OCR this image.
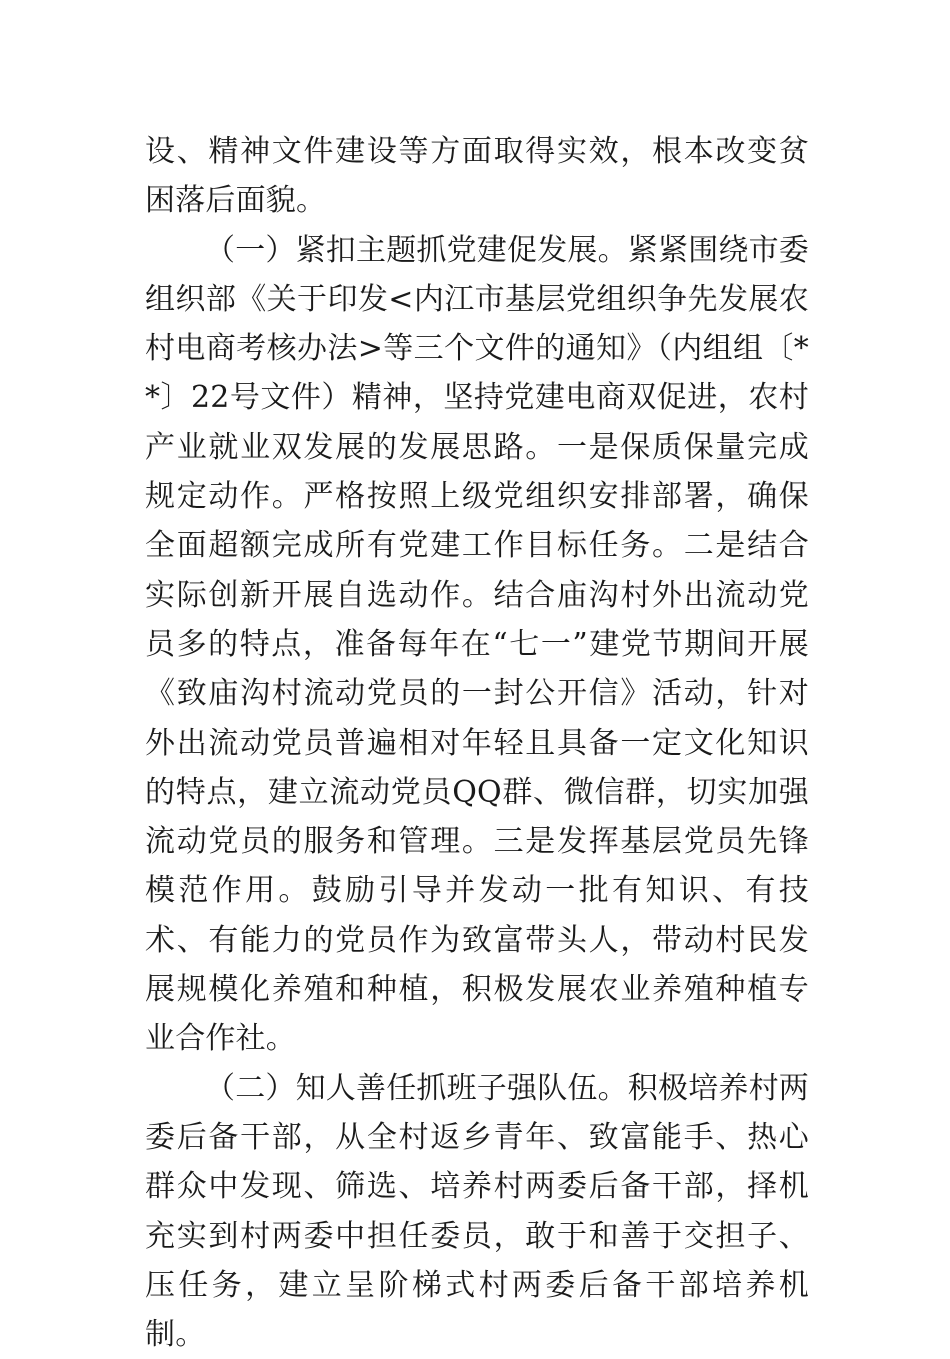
设、精神文件建设等方面取得实效，根本改变贫困落后面貌。

（一）紧扣主题抓党建促发展。紧紧围绕市委组织部《关于印发<内江市基层党组织争先发展农村电商考核办法>等三个文件的通知》（内组组〔**〕22号文件）精神，坚持党建电商双促进，农村产业就业双发展的发展思路。一是保质保量完成规定动作。严格按照上级党组织安排部署，确保全面超额完成所有党建工作目标任务。二是结合实际创新开展自选动作。结合庙沟村外出流动党员多的特点，准备每年在“七一”建党节期间开展《致庙沟村流动党员的一封公开信》活动，针对外出流动党员普遍相对年轻且具备一定文化知识的特点，建立流动党员QQ群、微信群，切实加强流动党员的服务和管理。三是发挥基层党员先锋模范作用。鼓励引导并发动一批有知识、有技术、有能力的党员作为致富带头人，带动村民发展规模化养殖和种植，积极发展农业养殖种植专业合作社。

（二）知人善任抓班子强队伍。积极培养村两委后备干部，从全村返乡青年、致富能手、热心群众中发现、筛选、培养村两委后备干部，择机充实到村两委中担任委员，敢于和善于交担子、压任务，建立呈阶梯式村两委后备干部培养机制。
